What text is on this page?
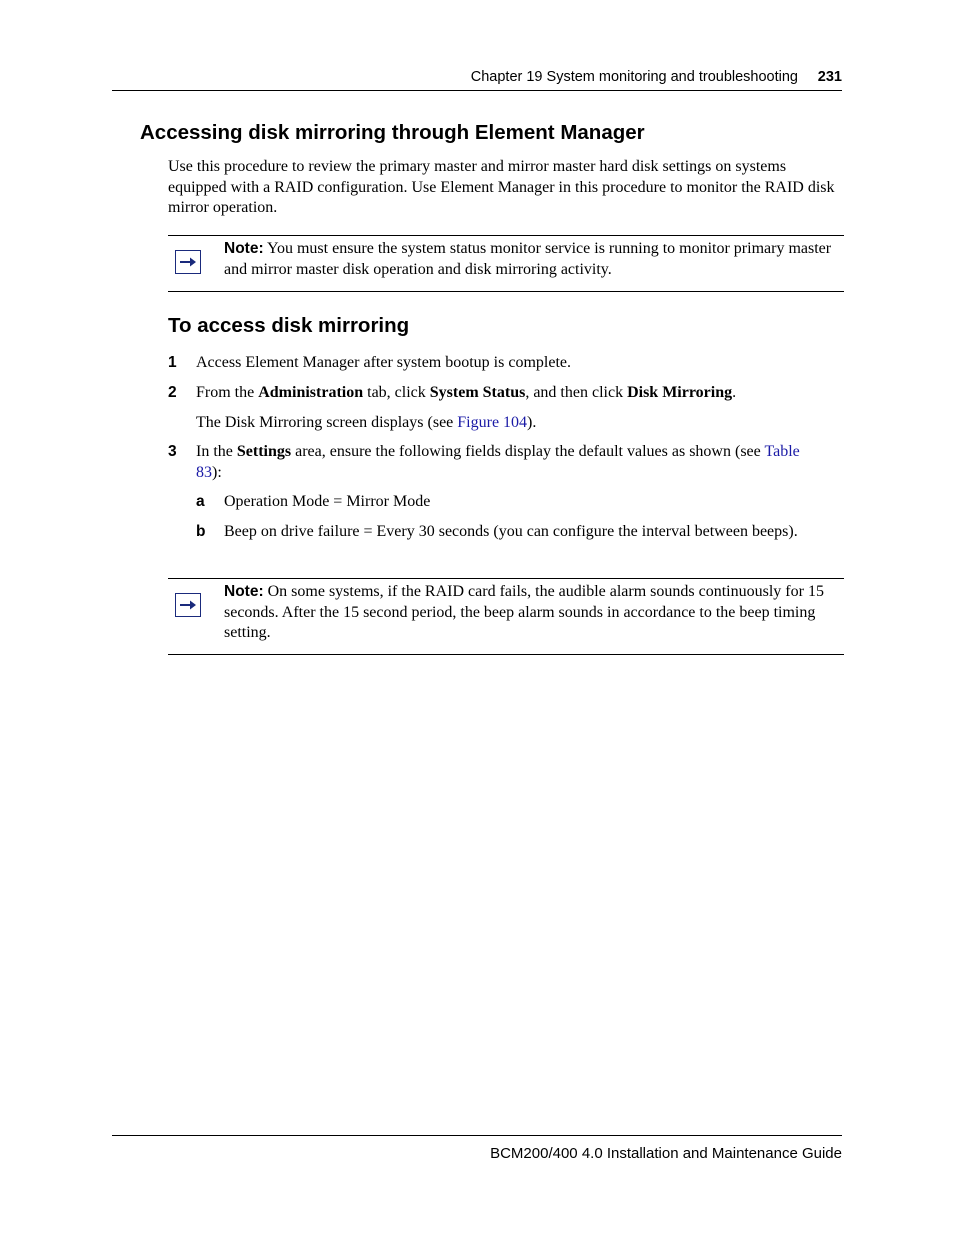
Chapter 19 System monitoring and troubleshooting 231
Accessing disk mirroring through Element Manager
Use this procedure to review the primary master and mirror master hard disk settings on systems equipped with a RAID configuration. Use Element Manager in this procedure to monitor the RAID disk mirror operation.
Note: You must ensure the system status monitor service is running to monitor primary master and mirror master disk operation and disk mirroring activity.
To access disk mirroring
1 Access Element Manager after system bootup is complete.
2 From the Administration tab, click System Status, and then click Disk Mirroring.
The Disk Mirroring screen displays (see Figure 104).
3 In the Settings area, ensure the following fields display the default values as shown (see Table 83):
a Operation Mode = Mirror Mode
b Beep on drive failure = Every 30 seconds (you can configure the interval between beeps).
Note: On some systems, if the RAID card fails, the audible alarm sounds continuously for 15 seconds. After the 15 second period, the beep alarm sounds in accordance to the beep timing setting.
BCM200/400 4.0 Installation and Maintenance Guide
